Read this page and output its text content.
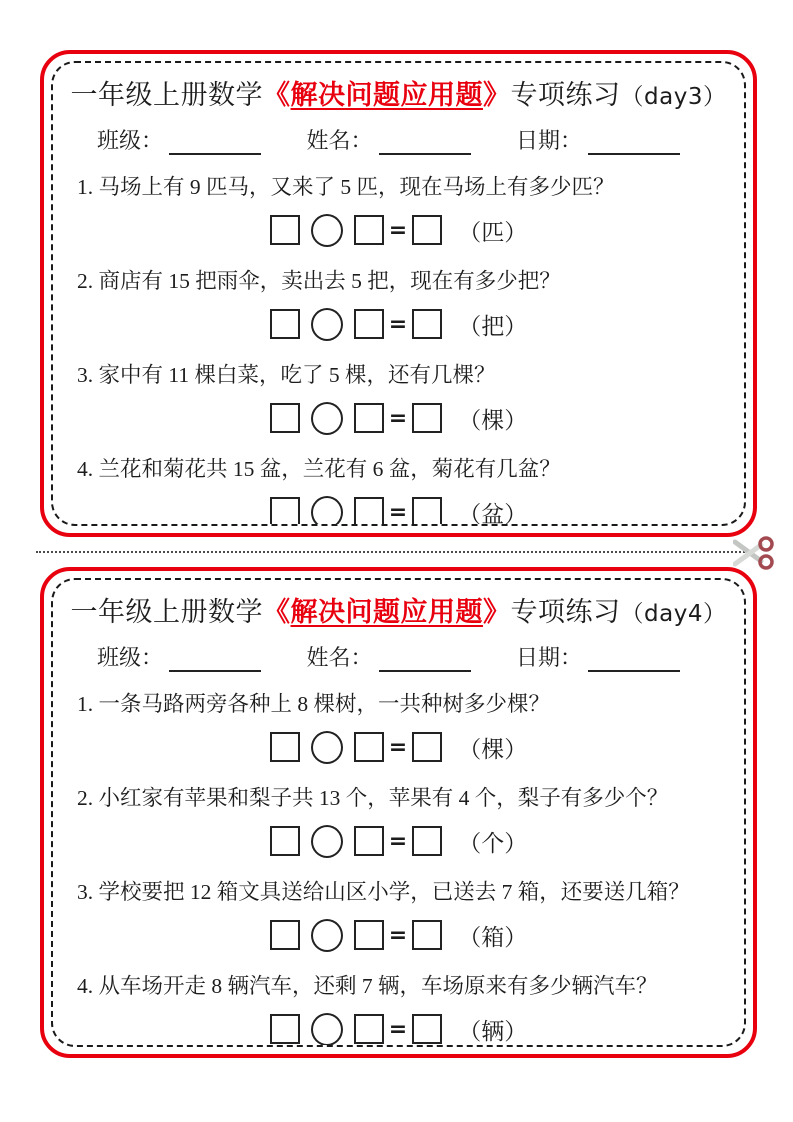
一年级上册数学《解决问题应用题》专项练习（day3）
班级：	姓名：	日期：
1. 马场上有 9 匹马，又来了 5 匹，现在马场上有多少匹？
= （匹）
2. 商店有 15 把雨伞，卖出去 5 把，现在有多少把？
= （把）
3. 家中有 11 棵白菜，吃了 5 棵，还有几棵？
= （棵）
4. 兰花和菊花共 15 盆，兰花有 6 盆，菊花有几盆？
= （盆）
一年级上册数学《解决问题应用题》专项练习（day4）
班级：	姓名：	日期：
1. 一条马路两旁各种上 8 棵树，一共种树多少棵？
= （棵）
2. 小红家有苹果和梨子共 13 个，苹果有 4 个，梨子有多少个？
= （个）
3. 学校要把 12 箱文具送给山区小学，已送去 7 箱，还要送几箱？
= （箱）
4. 从车场开走 8 辆汽车，还剩 7 辆，车场原来有多少辆汽车？
= （辆）
